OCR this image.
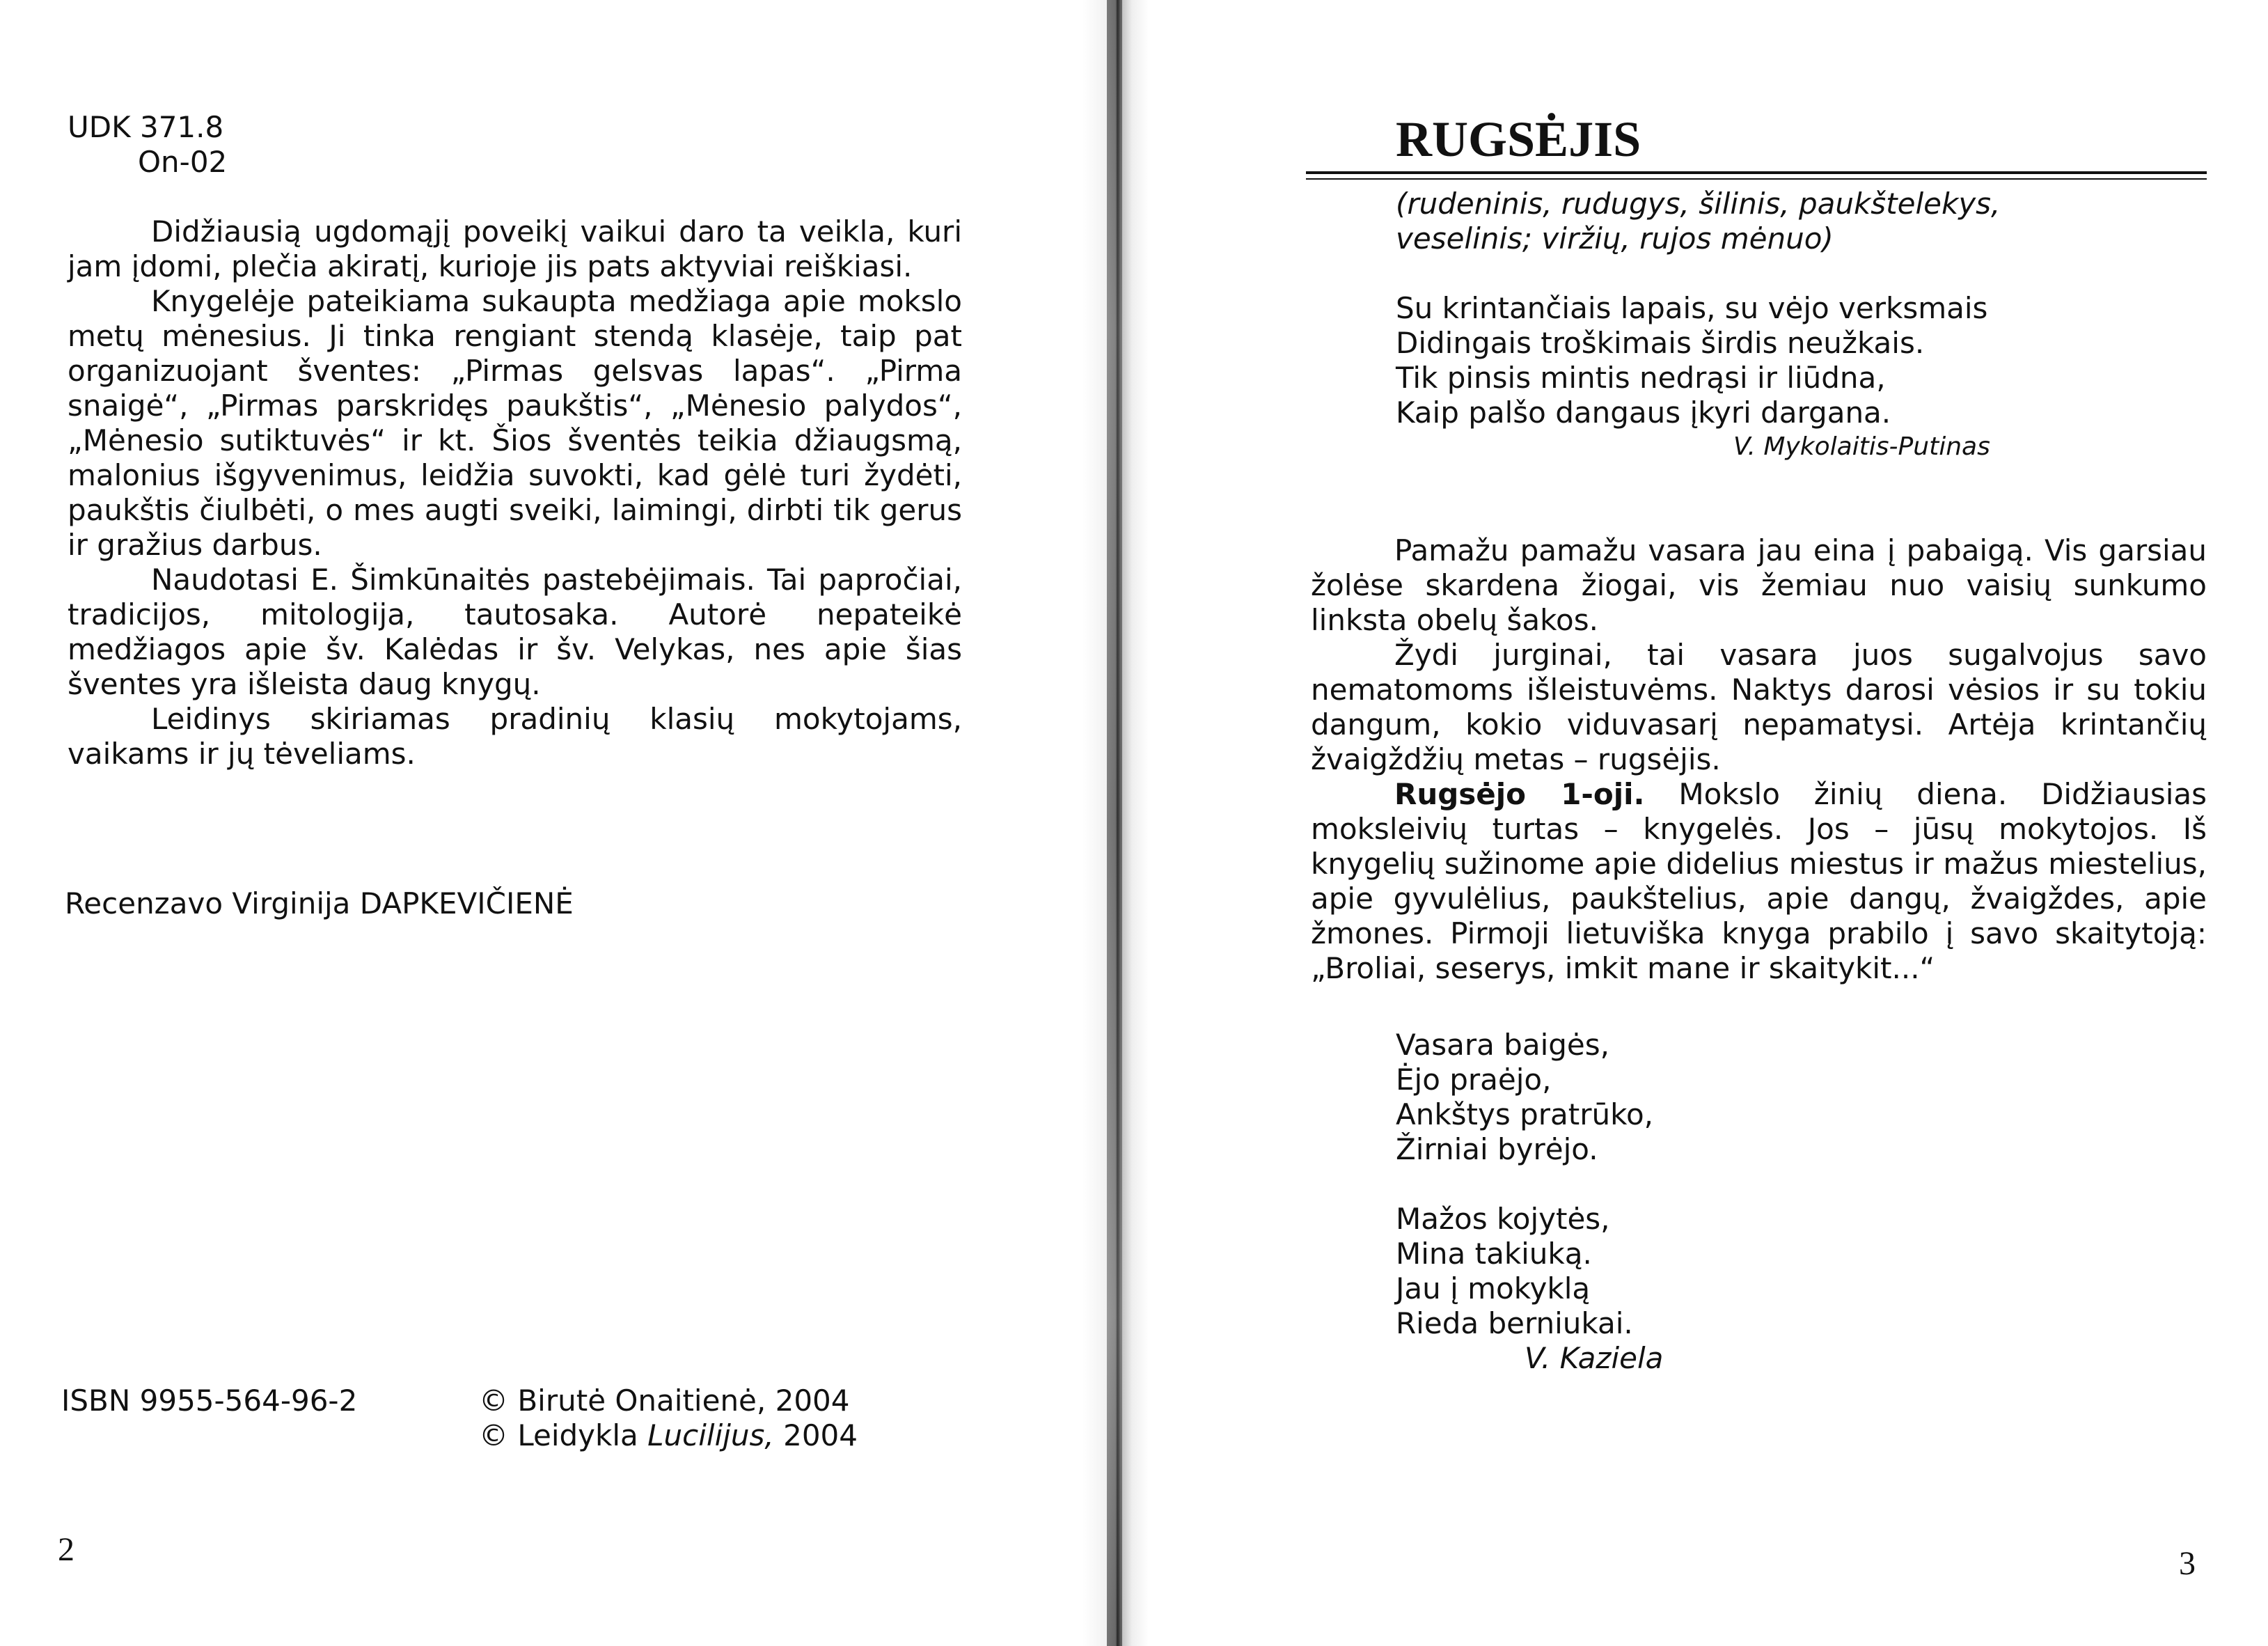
UDK 371.8
On-02

Didžiausią ugdomąjį poveikį vaikui daro ta veikla, kuri jam įdomi, plečia akiratį, kurioje jis pats aktyviai reiškiasi.

Knygelėje pateikiama sukaupta medžiaga apie mokslo metų mėnesius. Ji tinka rengiant stendą klasėje, taip pat organizuojant šventes: „Pirmas gelsvas lapas“. „Pirma snaigė“, „Pirmas parskridęs paukštis“, „Mėnesio palydos“, „Mėnesio sutiktuvės“ ir kt. Šios šventės teikia džiaugsmą, malonius išgyvenimus, leidžia suvokti, kad gėlė turi žydėti, paukštis čiulbėti, o mes augti sveiki, laimingi, dirbti tik gerus ir gražius darbus.

Naudotasi E. Šimkūnaitės pastebėjimais. Tai papročiai, tradicijos, mitologija, tautosaka. Autorė nepateikė medžiagos apie šv. Kalėdas ir šv. Velykas, nes apie šias šventes yra išleista daug knygų.

Leidinys skiriamas pradinių klasių mokytojams, vaikams ir jų tėveliams.

Recenzavo Virginija DAPKEVIČIENĖ
ISBN 9955-564-96-2	© Birutė Onaitienė, 2004
© Leidykla Lucilijus, 2004
2
RUGSĖJIS
(rudeninis, rudugys, šilinis, paukštelekys,
veselinis; viržių, rujos mėnuo)
Su krintančiais lapais, su vėjo verksmais
Didingais troškimais širdis neužkais.
Tik pinsis mintis nedrąsi ir liūdna,
Kaip palšo dangaus įkyri dargana.
V. Mykolaitis-Putinas

Pamažu pamažu vasara jau eina į pabaigą. Vis garsiau žolėse skardena žiogai, vis žemiau nuo vaisių sunkumo linksta obelų šakos.

Žydi jurginai, tai vasara juos sugalvojus savo nematomoms išleistuvėms. Naktys darosi vėsios ir su tokiu dangum, kokio viduvasarį nepamatysi. Artėja krintančių žvaigždžių metas – rugsėjis.

Rugsėjo 1-oji. Mokslo žinių diena. Didžiausias moksleivių turtas – knygelės. Jos – jūsų mokytojos. Iš knygelių sužinome apie didelius miestus ir mažus miestelius, apie gyvulėlius, paukštelius, apie dangų, žvaigždes, apie žmones. Pirmoji lietuviška knyga prabilo į savo skaitytoją: „Broliai, seserys, imkit mane ir skaitykit...“

Vasara baigės,
Ėjo praėjo,
Ankštys pratrūko,
Žirniai byrėjo.
Mažos kojytės,
Mina takiuką.
Jau į mokyklą
Rieda berniukai.
V. Kaziela
3
